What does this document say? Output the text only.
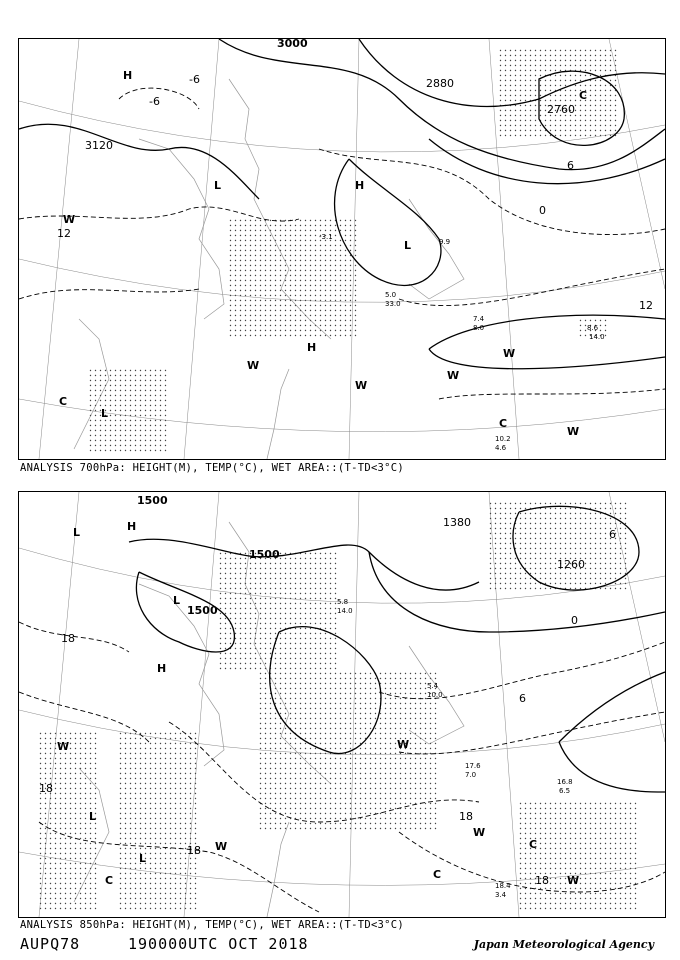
3000
2880
2760
3120
-6
-6
0
6
12
12
H
H
H
L
L
L
W
W
W
W
W
W
C
C
C
10.2
4.6
8.6
14.0
7.4
8.0
5.0
33.0
-3.1
9.9
ANALYSIS 700hPa: HEIGHT(M), TEMP(°C), WET AREA::(T-TD<3°C)
1500
1500
1500
1380
1260
18
18
18
18
6
0
6
18
H
H
L
L
L
L
C	C
C
W
W
W
W
W
17.6
7.0
16.8
6.5
18.4
3.4
5.4
10.0
5.8
14.0
ANALYSIS 850hPa: HEIGHT(M), TEMP(°C), WET AREA::(T-TD<3°C)
AUPQ78	190000UTC OCT 2018	Japan Meteorological Agency
